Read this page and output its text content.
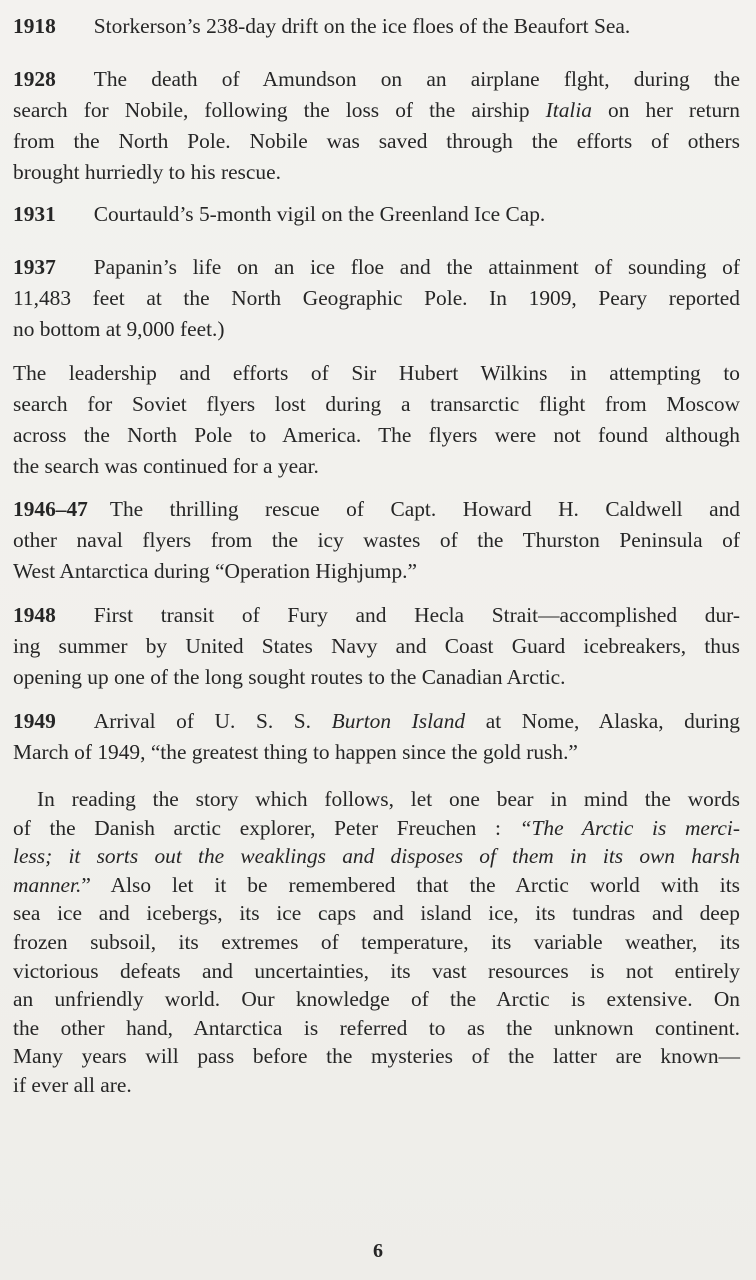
1918 Storkerson’s 238-day drift on the ice floes of the Beaufort Sea.

1928 The death of Amundson on an airplane flght, during the
search for Nobile, following the loss of the airship Italia on her return
from the North Pole. Nobile was saved through the efforts of others
brought hurriedly to his rescue.

1931 Courtauld’s 5-month vigil on the Greenland Ice Cap.

1937 Papanin’s life on an ice floe and the attainment of sounding of
11,483 feet at the North Geographic Pole. In 1909, Peary reported
no bottom at 9,000 feet.)

The leadership and efforts of Sir Hubert Wilkins in attempting to
search for Soviet flyers lost during a transarctic flight from Moscow
across the North Pole to America. The flyers were not found although
the search was continued for a year.

1946–47 The thrilling rescue of Capt. Howard H. Caldwell and
other naval flyers from the icy wastes of the Thurston Peninsula of
West Antarctica during “Operation Highjump.”

1948 First transit of Fury and Hecla Strait—accomplished dur-
ing summer by United States Navy and Coast Guard icebreakers, thus
opening up one of the long sought routes to the Canadian Arctic.

1949 Arrival of U. S. S. Burton Island at Nome, Alaska, during
March of 1949, “the greatest thing to happen since the gold rush.”

In reading the story which follows, let one bear in mind the words
of the Danish arctic explorer, Peter Freuchen : “The Arctic is merci-
less; it sorts out the weaklings and disposes of them in its own harsh
manner.” Also let it be remembered that the Arctic world with its
sea ice and icebergs, its ice caps and island ice, its tundras and deep
frozen subsoil, its extremes of temperature, its variable weather, its
victorious defeats and uncertainties, its vast resources is not entirely
an unfriendly world. Our knowledge of the Arctic is extensive. On
the other hand, Antarctica is referred to as the unknown continent.
Many years will pass before the mysteries of the latter are known—
if ever all are.

6
